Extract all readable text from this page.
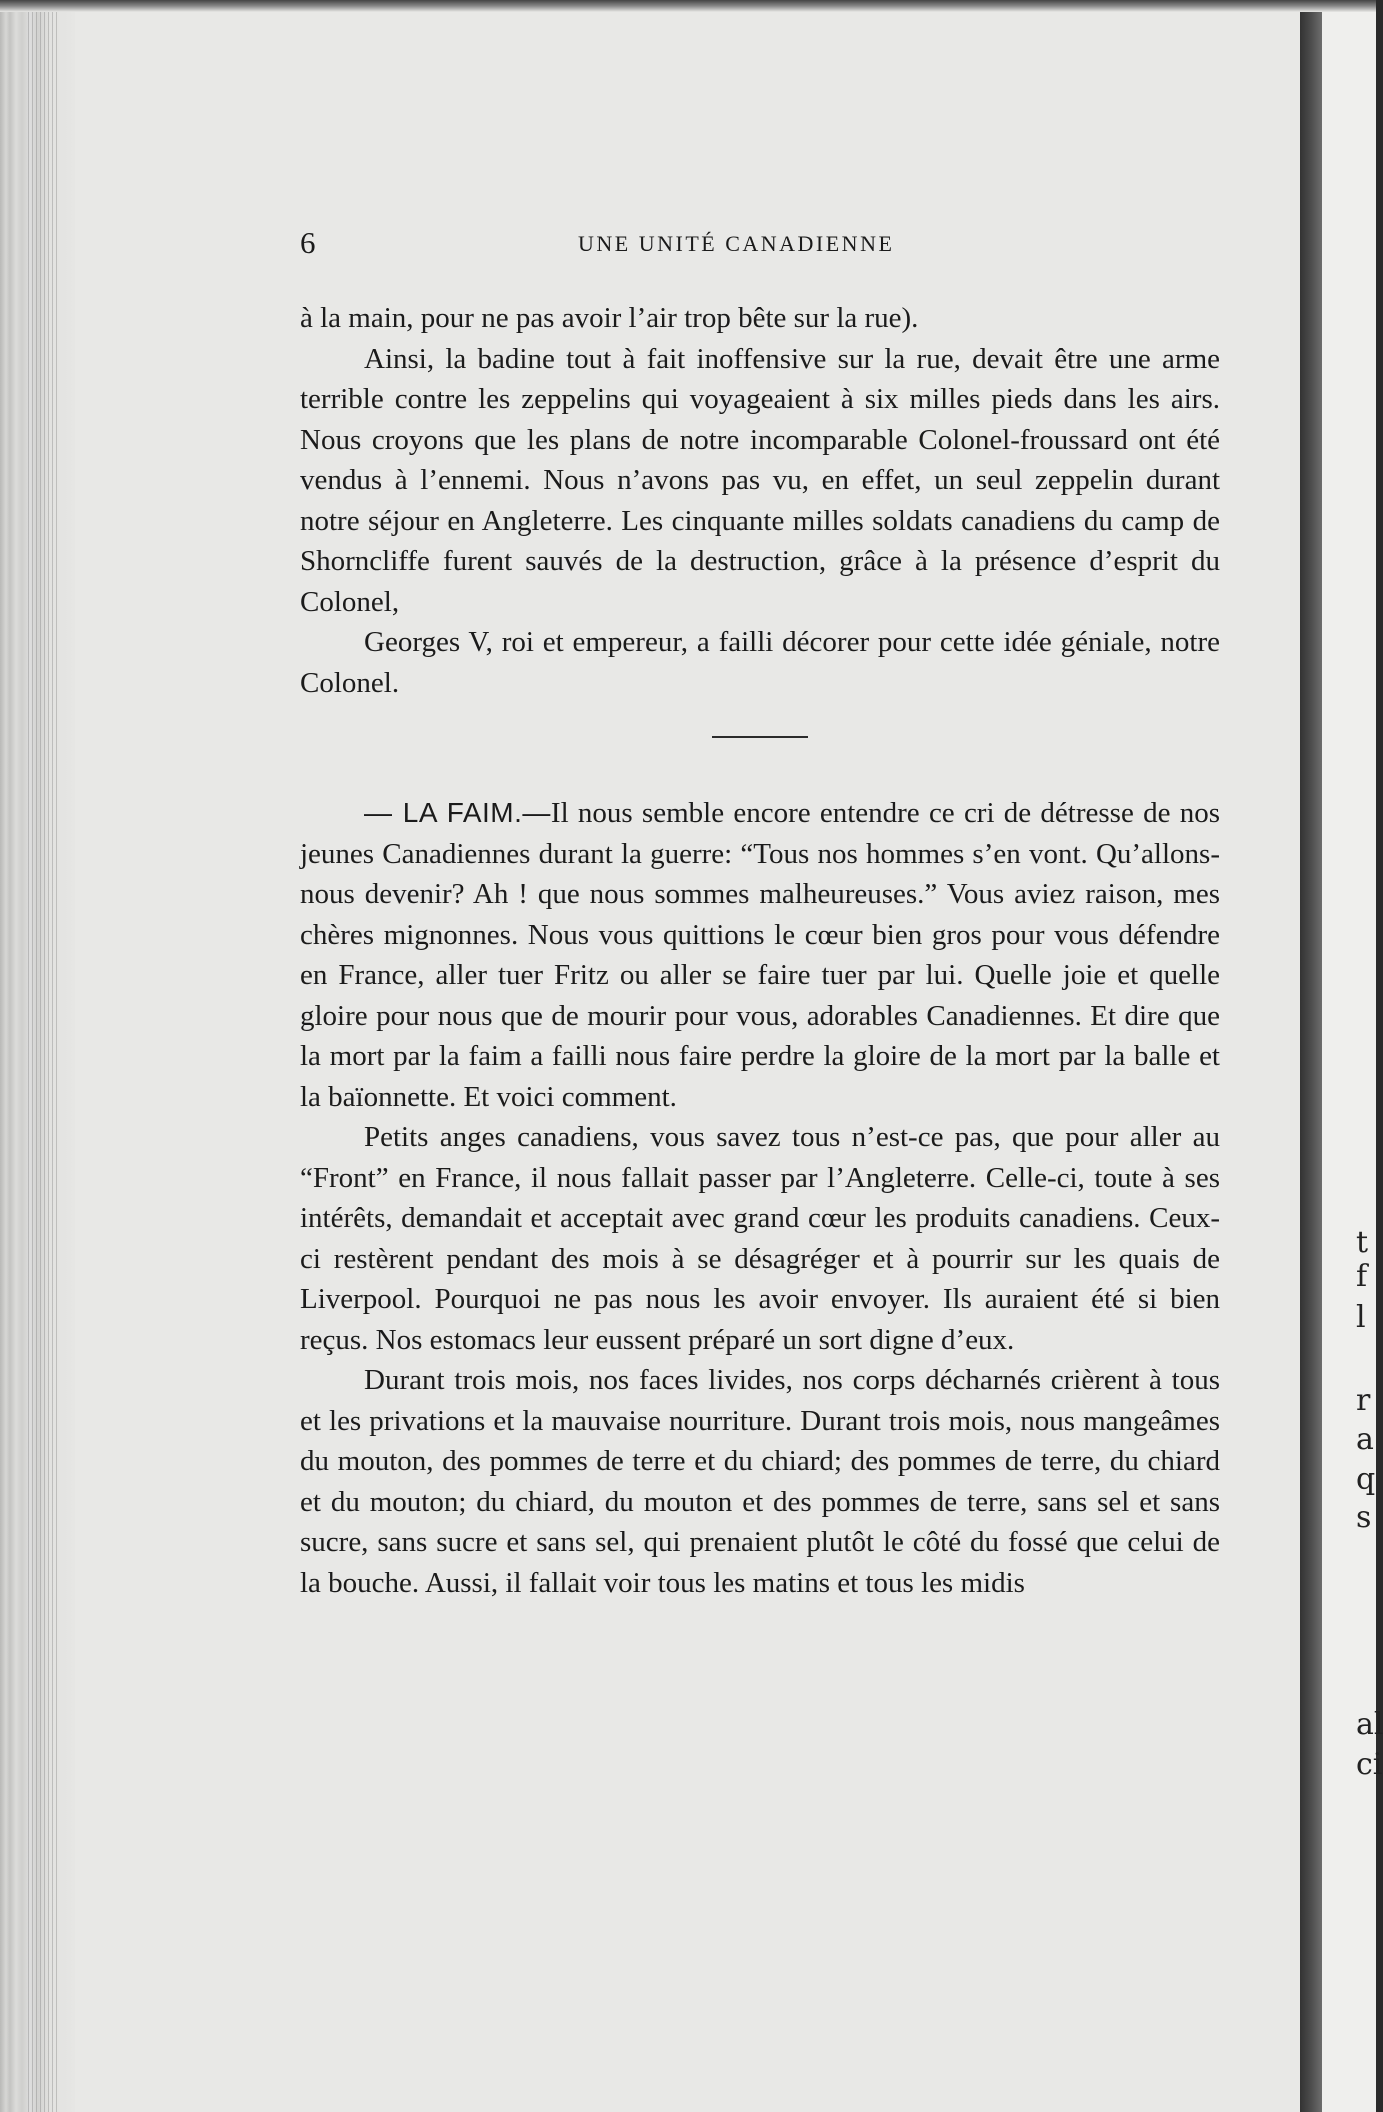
6	UNE UNITÉ CANADIENNE

à la main, pour ne pas avoir l’air trop bête sur la rue).

Ainsi, la badine tout à fait inoffensive sur la rue, devait être une arme terrible contre les zeppelins qui voyageaient à six milles pieds dans les airs. Nous croyons que les plans de notre incomparable Colonel-froussard ont été vendus à l’ennemi. Nous n’avons pas vu, en effet, un seul zeppelin durant notre séjour en Angleterre. Les cinquante milles soldats canadiens du camp de Shorncliffe furent sauvés de la destruction, grâce à la présence d’esprit du Colonel,

Georges V, roi et empereur, a failli décorer pour cette idée géniale, notre Colonel.

— LA FAIM.—Il nous semble encore entendre ce cri de détresse de nos jeunes Canadiennes durant la guerre: “Tous nos hommes s’en vont. Qu’allons-nous devenir? Ah ! que nous sommes malheureuses.” Vous aviez raison, mes chères mignonnes. Nous vous quittions le cœur bien gros pour vous défendre en France, aller tuer Fritz ou aller se faire tuer par lui. Quelle joie et quelle gloire pour nous que de mourir pour vous, adorables Canadiennes. Et dire que la mort par la faim a failli nous faire perdre la gloire de la mort par la balle et la baïonnette. Et voici comment.

Petits anges canadiens, vous savez tous n’est-ce pas, que pour aller au “Front” en France, il nous fallait passer par l’Angleterre. Celle-ci, toute à ses intérêts, demandait et acceptait avec grand cœur les produits canadiens. Ceux-ci restèrent pendant des mois à se désagréger et à pourrir sur les quais de Liverpool. Pourquoi ne pas nous les avoir envoyer. Ils auraient été si bien reçus. Nos estomacs leur eussent préparé un sort digne d’eux.

Durant trois mois, nos faces livides, nos corps décharnés crièrent à tous et les privations et la mauvaise nourriture. Durant trois mois, nous mangeâmes du mouton, des pommes de terre et du chiard; des pommes de terre, du chiard et du mouton; du chiard, du mouton et des pommes de terre, sans sel et sans sucre, sans sucre et sans sel, qui prenaient plutôt le côté du fossé que celui de la bouche. Aussi, il fallait voir tous les matins et tous les midis

t
f
l
r
a
q
s
al
ci
